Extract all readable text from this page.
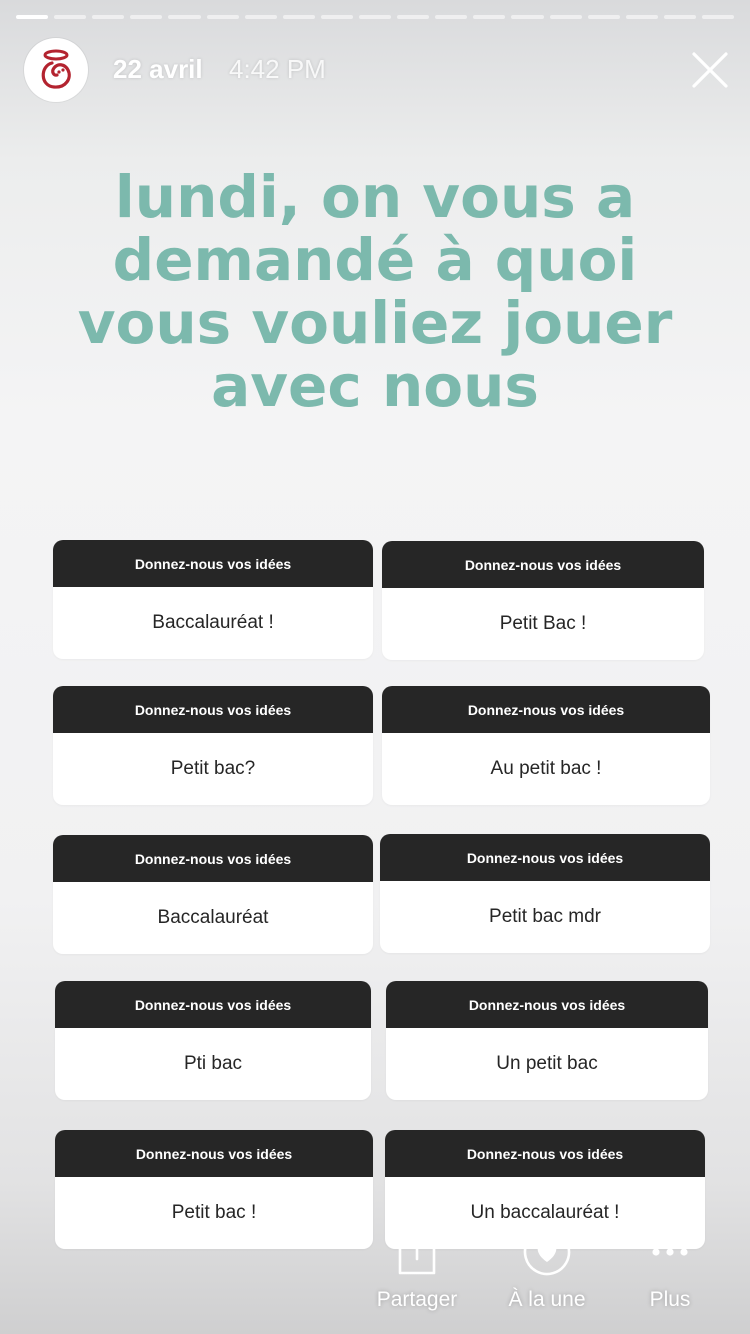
22 avril 4:42 PM
lundi, on vous a demandé à quoi vous vouliez jouer avec nous
Donnez-nous vos idées
Baccalauréat !
Donnez-nous vos idées
Petit Bac !
Donnez-nous vos idées
Petit bac?
Donnez-nous vos idées
Au petit bac !
Donnez-nous vos idées
Baccalauréat
Donnez-nous vos idées
Petit bac mdr
Donnez-nous vos idées
Pti bac
Donnez-nous vos idées
Un petit bac
Donnez-nous vos idées
Petit bac !
Donnez-nous vos idées
Un baccalauréat !
Partager À la une	Plus
